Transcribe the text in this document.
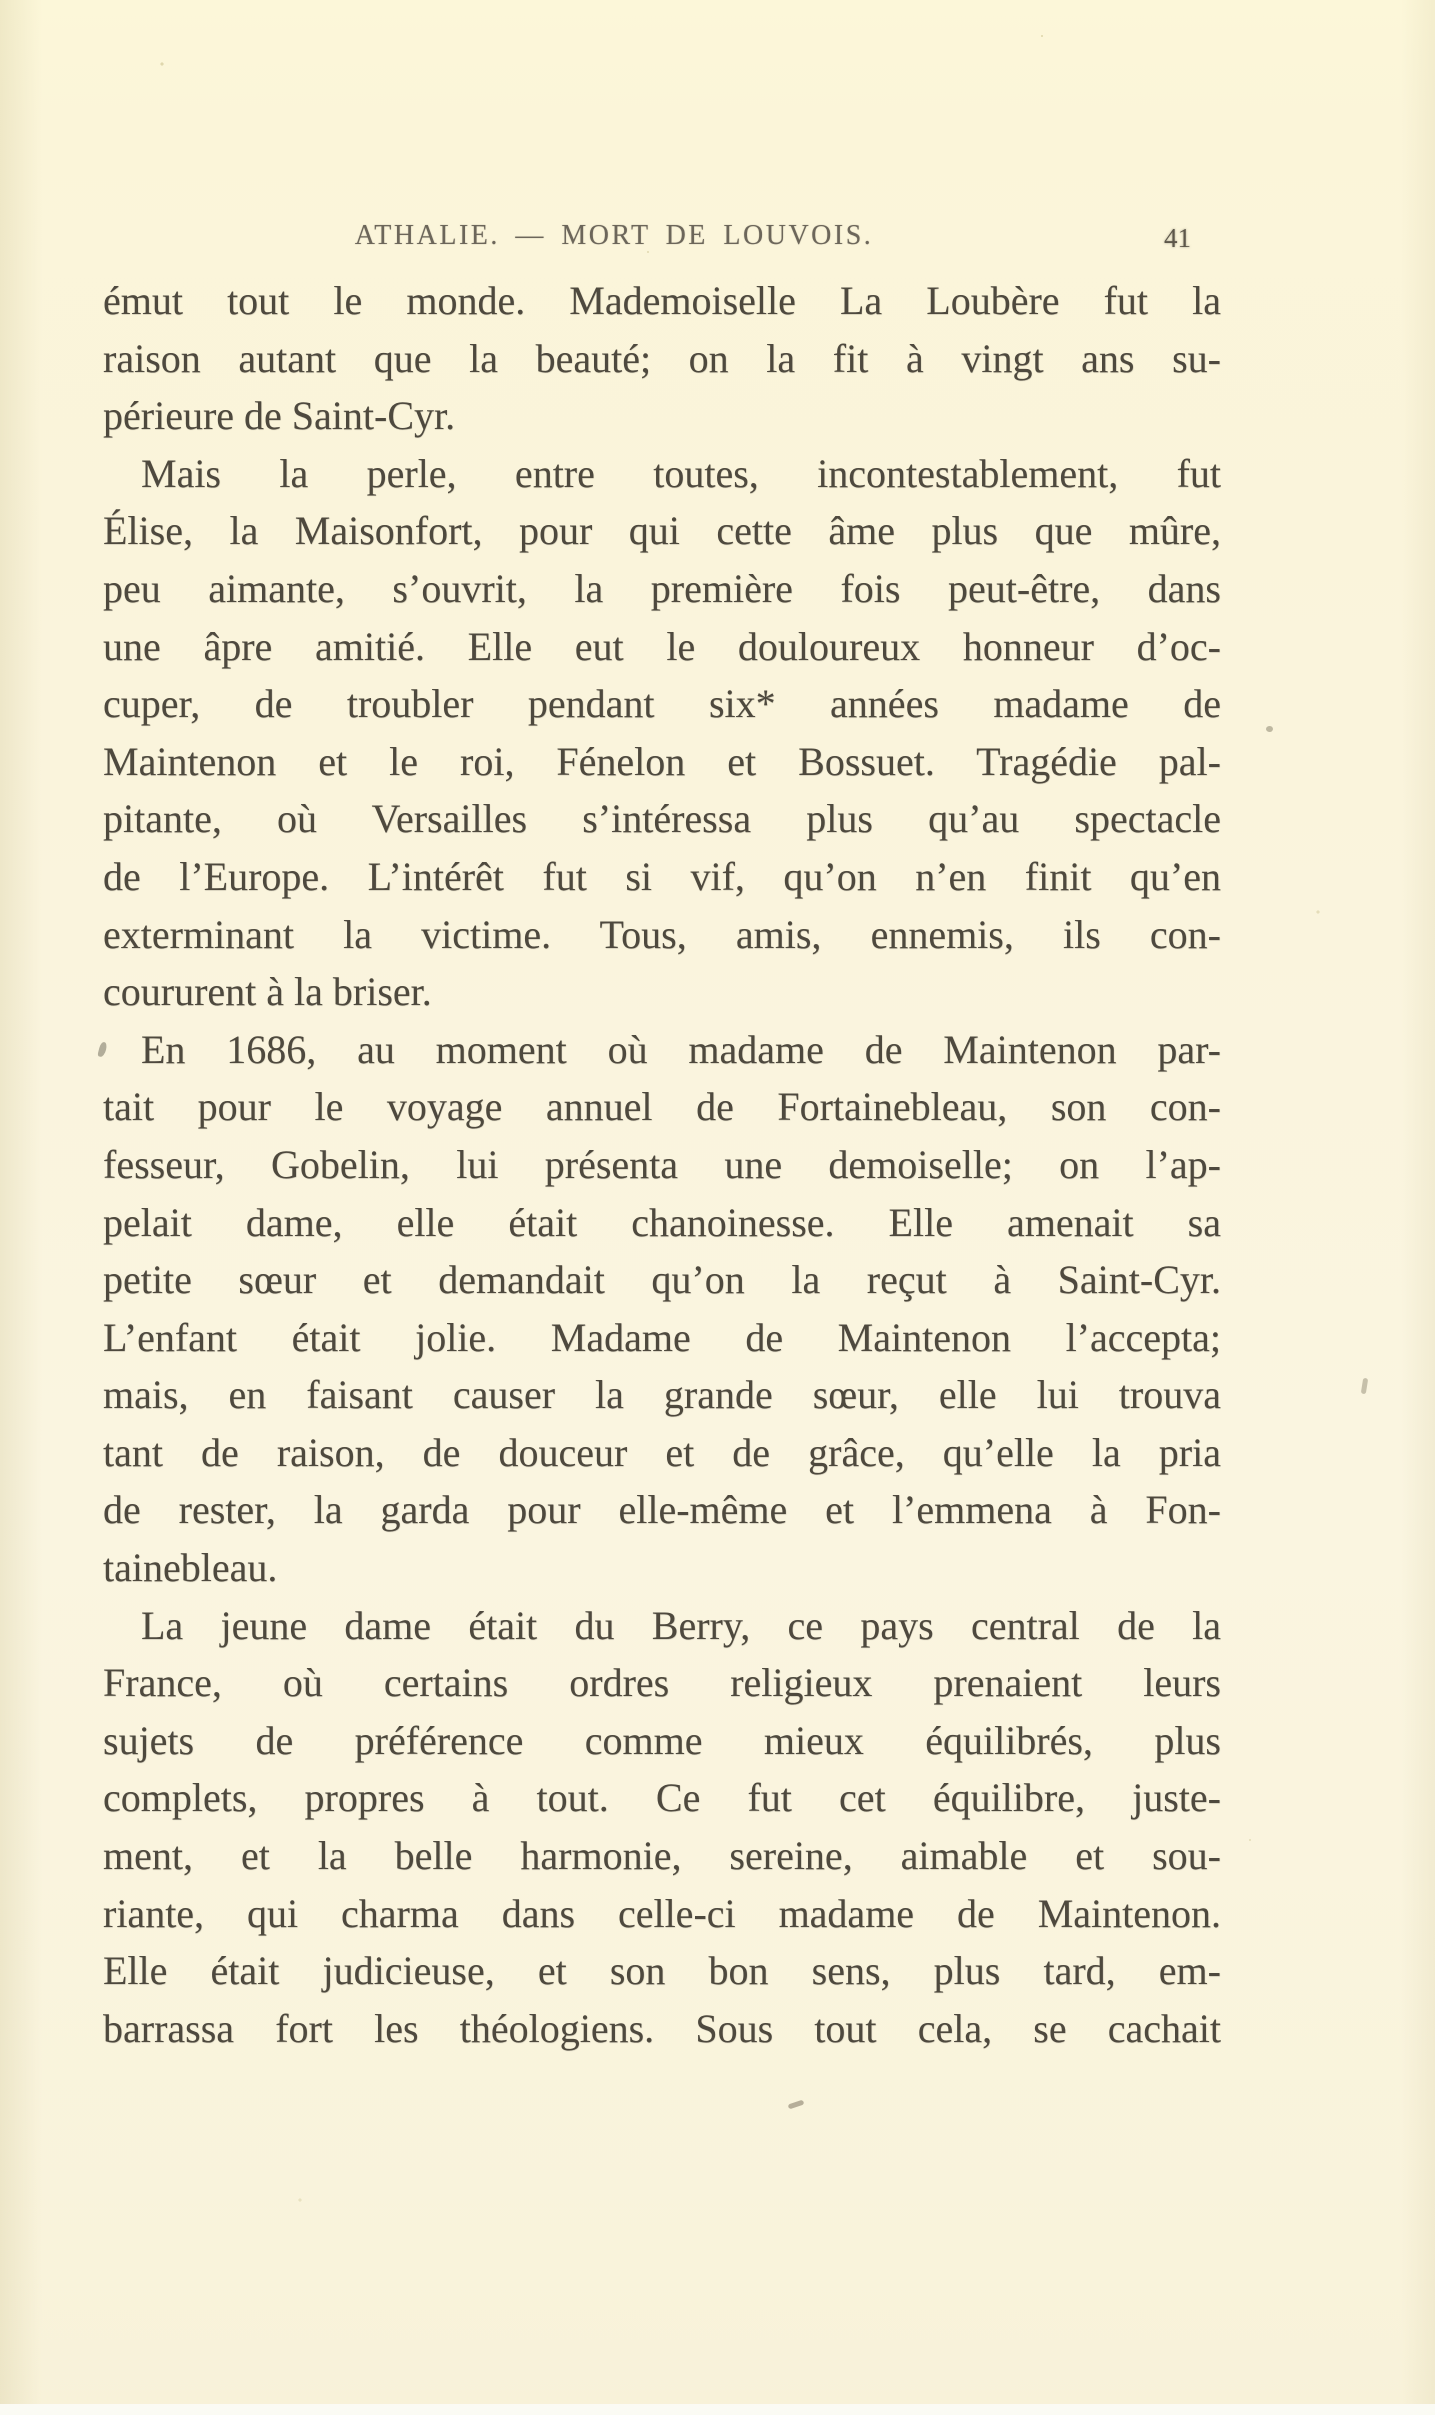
ATHALIE. — MORT DE LOUVOIS.	41
émut tout le monde. Mademoiselle La Loubère fut la
raison autant que la beauté; on la fit à vingt ans su-
périeure de Saint-Cyr.
Mais la perle, entre toutes, incontestablement, fut
Élise, la Maisonfort, pour qui cette âme plus que mûre,
peu aimante, s’ouvrit, la première fois peut-être, dans
une âpre amitié. Elle eut le douloureux honneur d’oc-
cuper, de troubler pendant six* années madame de
Maintenon et le roi, Fénelon et Bossuet. Tragédie pal-
pitante, où Versailles s’intéressa plus qu’au spectacle
de l’Europe. L’intérêt fut si vif, qu’on n’en finit qu’en
exterminant la victime. Tous, amis, ennemis, ils con-
coururent à la briser.
En 1686, au moment où madame de Maintenon par-
tait pour le voyage annuel de Fortainebleau, son con-
fesseur, Gobelin, lui présenta une demoiselle; on l’ap-
pelait dame, elle était chanoinesse. Elle amenait sa
petite sœur et demandait qu’on la reçut à Saint-Cyr.
L’enfant était jolie. Madame de Maintenon l’accepta;
mais, en faisant causer la grande sœur, elle lui trouva
tant de raison, de douceur et de grâce, qu’elle la pria
de rester, la garda pour elle-même et l’emmena à Fon-
tainebleau.
La jeune dame était du Berry, ce pays central de la
France, où certains ordres religieux prenaient leurs
sujets de préférence comme mieux équilibrés, plus
complets, propres à tout. Ce fut cet équilibre, juste-
ment, et la belle harmonie, sereine, aimable et sou-
riante, qui charma dans celle-ci madame de Maintenon.
Elle était judicieuse, et son bon sens, plus tard, em-
barrassa fort les théologiens. Sous tout cela, se cachait
